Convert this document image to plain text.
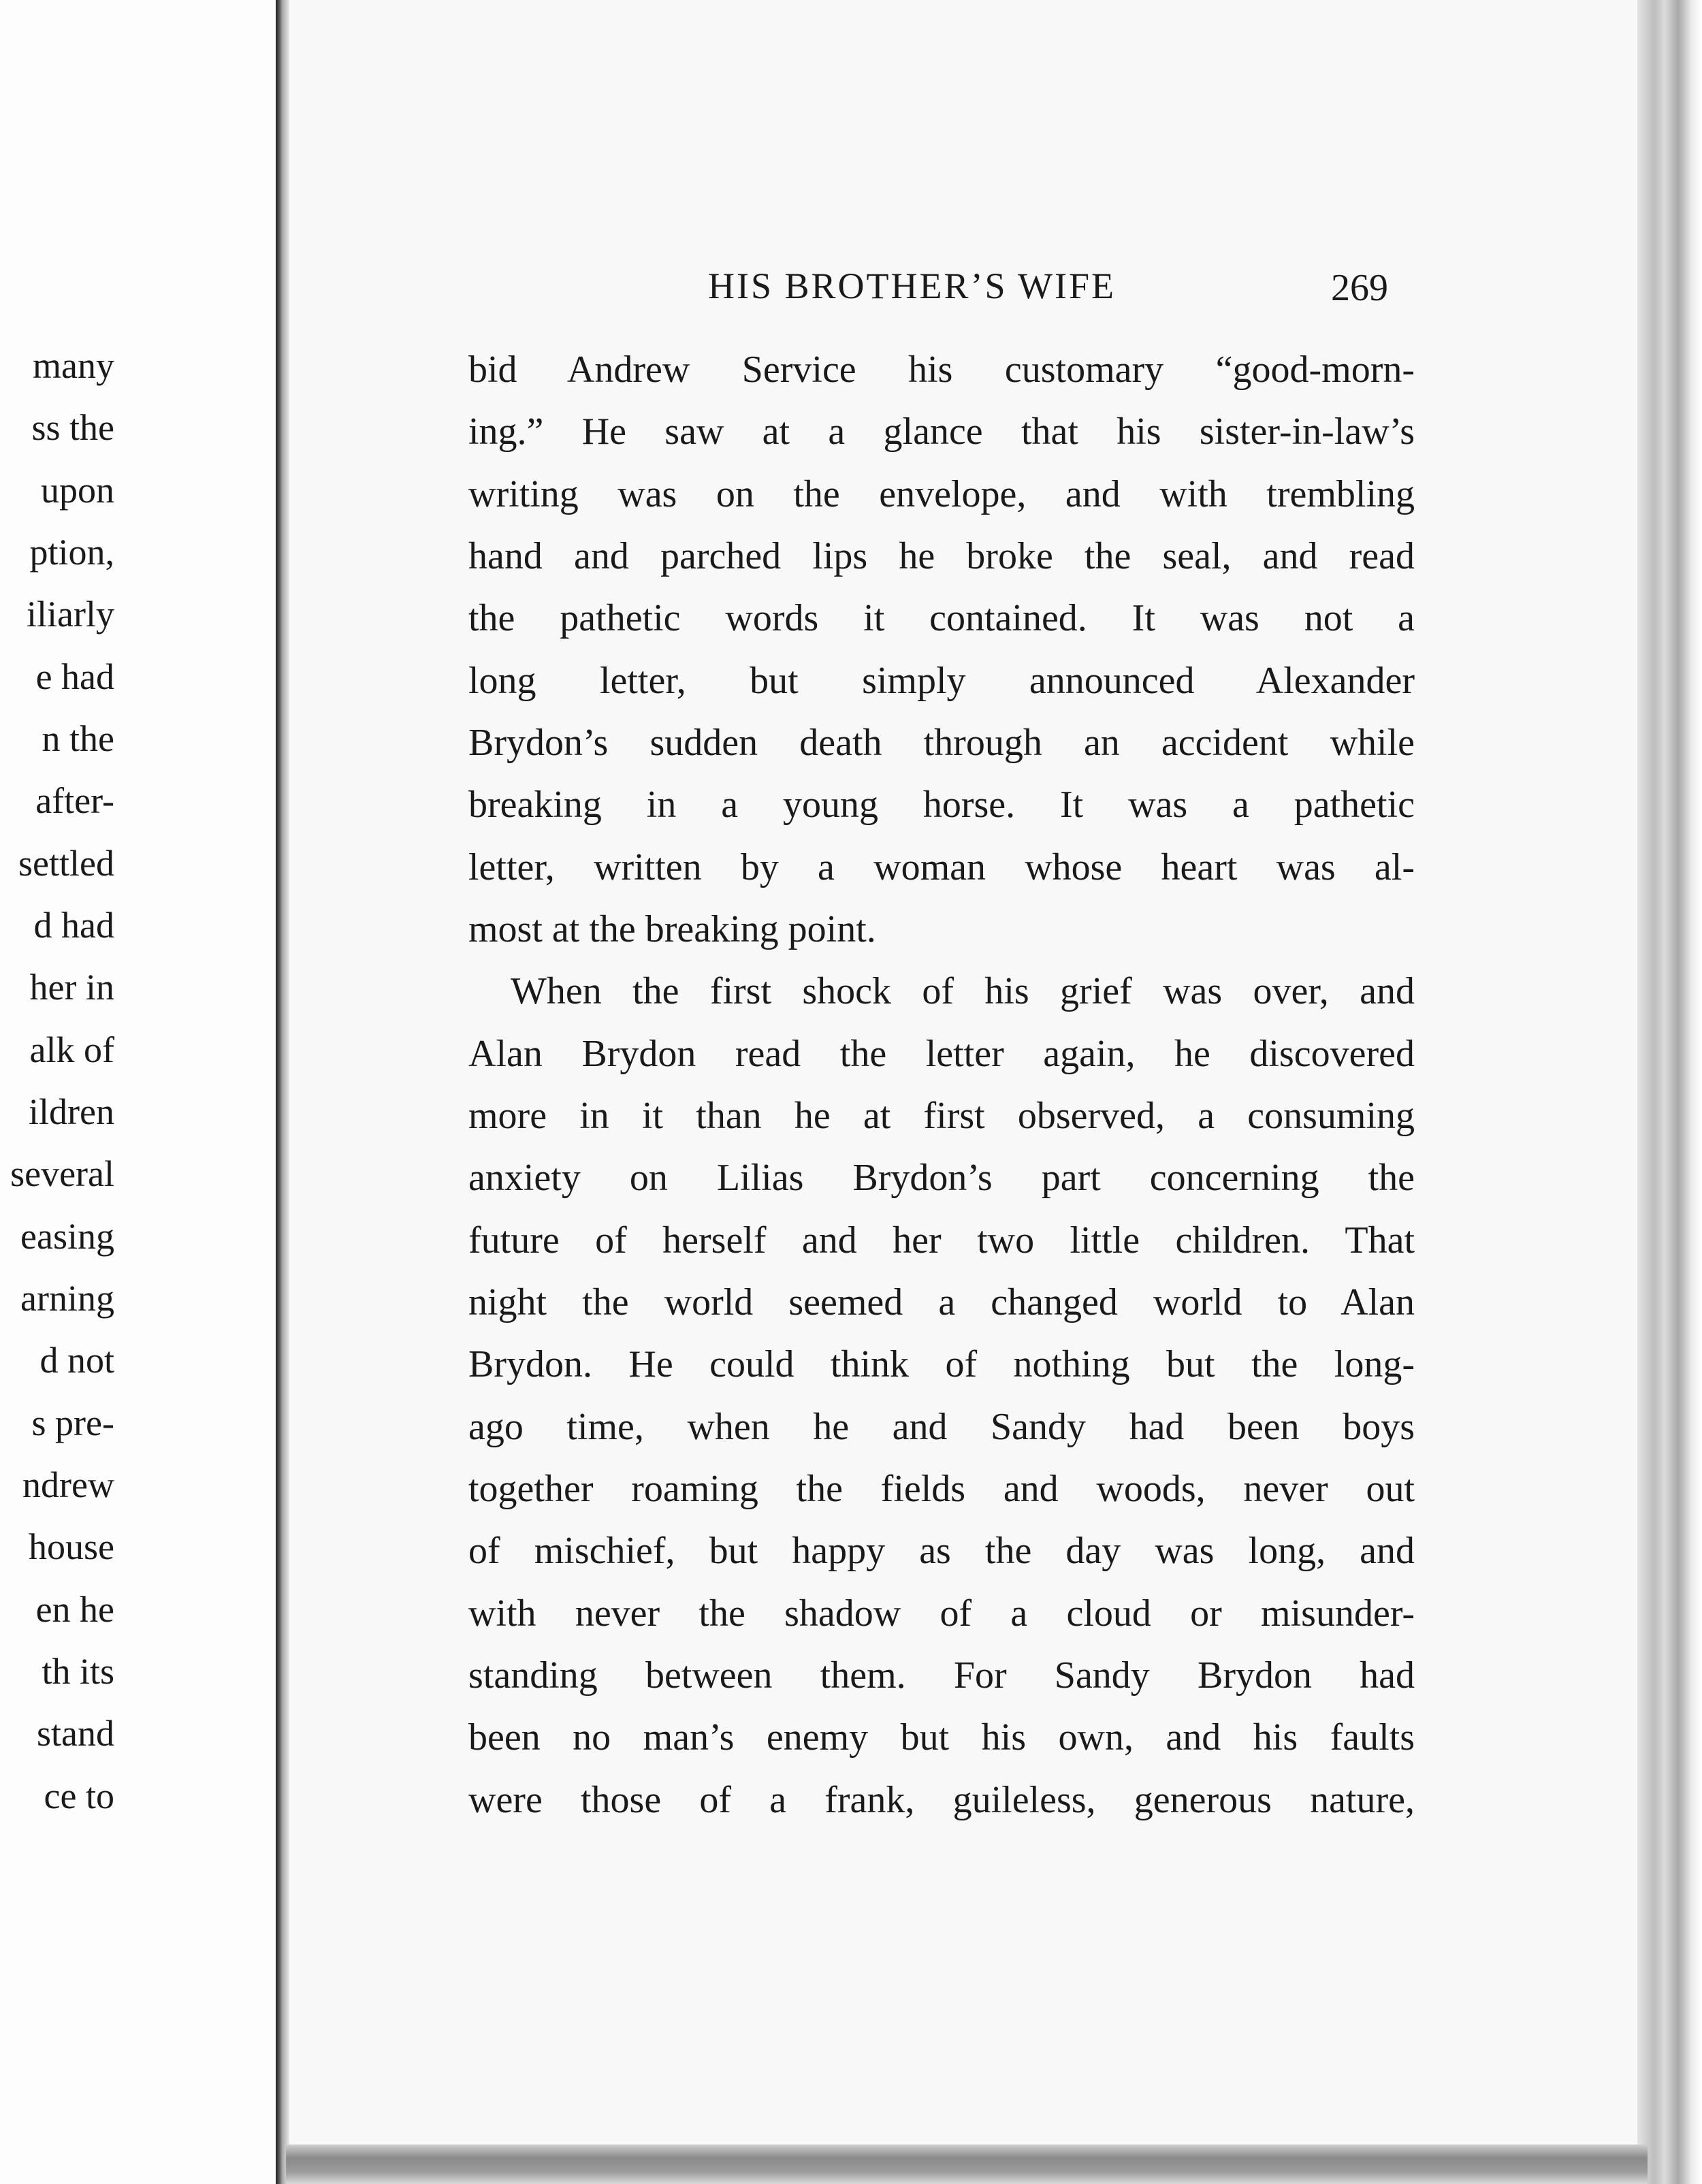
many
ss the
upon
ption,
iliarly
e had
n the
after-
settled
d had
her in
alk of
ildren
several
easing
arning
d not
s pre-
ndrew
house
en he
th its
stand
ce to
HIS BROTHER’S WIFE	269
bid Andrew Service his customary “good-morn-
ing.” He saw at a glance that his sister-in-law’s
writing was on the envelope, and with trembling
hand and parched lips he broke the seal, and read
the pathetic words it contained. It was not a
long letter, but simply announced Alexander
Brydon’s sudden death through an accident while
breaking in a young horse. It was a pathetic
letter, written by a woman whose heart was al-
most at the breaking point.
When the first shock of his grief was over, and
Alan Brydon read the letter again, he discovered
more in it than he at first observed, a consuming
anxiety on Lilias Brydon’s part concerning the
future of herself and her two little children. That
night the world seemed a changed world to Alan
Brydon. He could think of nothing but the long-
ago time, when he and Sandy had been boys
together roaming the fields and woods, never out
of mischief, but happy as the day was long, and
with never the shadow of a cloud or misunder-
standing between them. For Sandy Brydon had
been no man’s enemy but his own, and his faults
were those of a frank, guileless, generous nature,
